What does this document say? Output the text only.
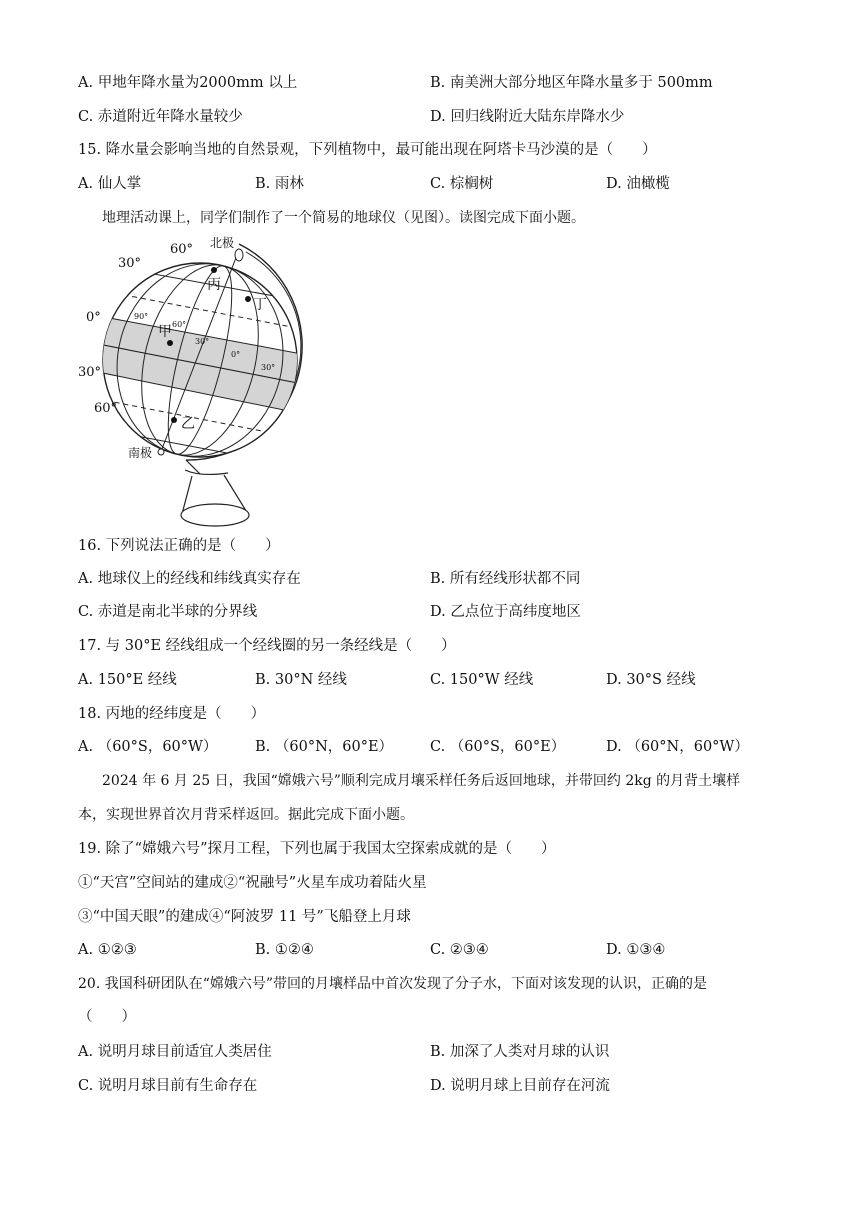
A. 甲地年降水量为2000mm 以上	B. 南美洲大部分地区年降水量多于 500mm
C. 赤道附近年降水量较少	D. 回归线附近大陆东岸降水少
15. 降水量会影响当地的自然景观，下列植物中，最可能出现在阿塔卡马沙漠的是（　　）
A. 仙人掌	B. 雨林	C. 棕榈树	D. 油橄榄
地理活动课上，同学们制作了一个简易的地球仪（见图）。读图完成下面小题。
60°
30°
0°
30°
60°
北极
南极
丙
丁
甲
乙
90°
60°
30°
0°
30°
16. 下列说法正确的是（　　）
A. 地球仪上的经线和纬线真实存在	B. 所有经线形状都不同
C. 赤道是南北半球的分界线	D. 乙点位于高纬度地区
17. 与 30°E 经线组成一个经线圈的另一条经线是（　　）
A. 150°E 经线	B. 30°N 经线	C. 150°W 经线	D. 30°S 经线
18. 丙地的经纬度是（　　）
A. （60°S，60°W）	B. （60°N，60°E）	C. （60°S，60°E）	D. （60°N，60°W）
2024 年 6 月 25 日，我国“嫦娥六号”顺利完成月壤采样任务后返回地球，并带回约 2kg 的月背土壤样
本，实现世界首次月背采样返回。据此完成下面小题。
19. 除了“嫦娥六号”探月工程，下列也属于我国太空探索成就的是（　　）
①“天宫”空间站的建成②“祝融号”火星车成功着陆火星
③“中国天眼”的建成④“阿波罗 11 号”飞船登上月球
A. ①②③	B. ①②④	C. ②③④	D. ①③④
20. 我国科研团队在“嫦娥六号”带回的月壤样品中首次发现了分子水，下面对该发现的认识，正确的是
（　　）
A. 说明月球目前适宜人类居住	B. 加深了人类对月球的认识
C. 说明月球目前有生命存在	D. 说明月球上目前存在河流
